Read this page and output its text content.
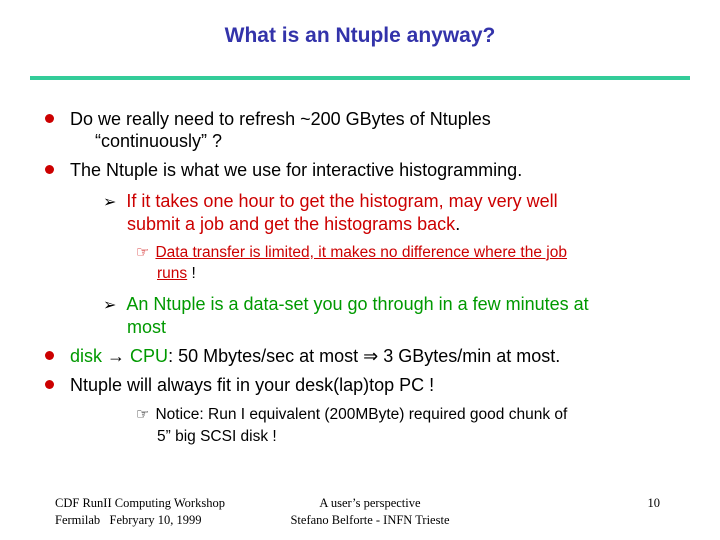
What is an Ntuple anyway?
Do we really need to refresh ~200 GBytes of Ntuples
“continuously” ?
The Ntuple is what we use for interactive histogramming.
➢ If it takes one hour to get the histogram, may very well
submit a job and get the histograms back.
☞ Data transfer is limited, it makes no difference where the job
runs !
➢ An Ntuple is a data-set you go through in a few minutes at
most
disk → CPU: 50 Mbytes/sec at most ⇒ 3 GBytes/min at most.
Ntuple will always fit in your desk(lap)top PC !
☞ Notice: Run I equivalent (200MByte) required good chunk of
5” big SCSI disk !
CDF RunII Computing Workshop
Fermilab   Febryary 10, 1999
A user’s perspective
Stefano Belforte - INFN Trieste
10
